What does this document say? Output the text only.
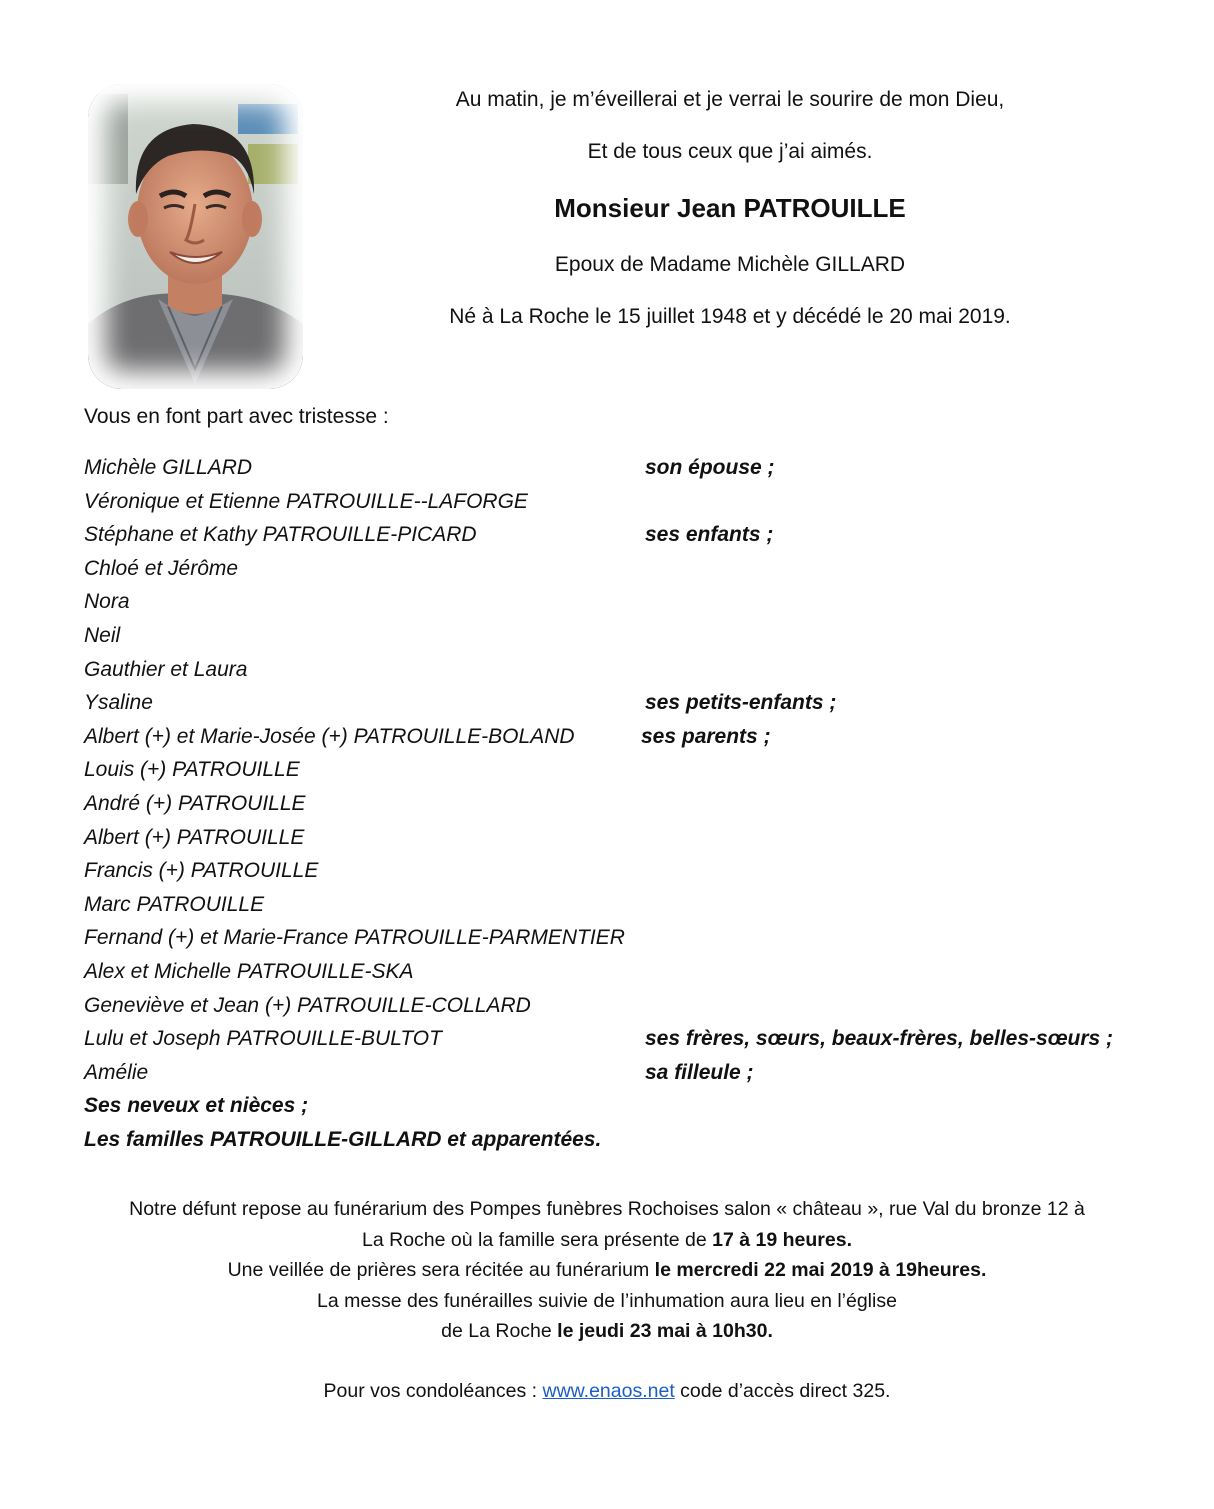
Au matin, je m’éveillerai et je verrai le sourire de mon Dieu,
Et de tous ceux que j’ai aimés.
Monsieur Jean PATROUILLE
Epoux de Madame Michèle GILLARD
Né à La Roche le 15 juillet 1948 et y décédé le 20 mai 2019.
Vous en font part avec tristesse :
Michèle GILLARD	son épouse ;
Véronique et Etienne PATROUILLE--LAFORGE
Stéphane et Kathy PATROUILLE-PICARD	ses enfants ;
Chloé et Jérôme
Nora
Neil
Gauthier et Laura
Ysaline	ses petits-enfants ;
Albert (+) et Marie-Josée (+) PATROUILLE-BOLAND	ses parents ;
Louis (+) PATROUILLE
André (+) PATROUILLE
Albert (+) PATROUILLE
Francis (+) PATROUILLE
Marc PATROUILLE
Fernand (+) et Marie-France PATROUILLE-PARMENTIER
Alex et Michelle PATROUILLE-SKA
Geneviève et Jean (+) PATROUILLE-COLLARD
Lulu et Joseph PATROUILLE-BULTOT	ses frères, sœurs, beaux-frères, belles-sœurs ;
Amélie	sa filleule ;
Ses neveux et nièces ;
Les familles PATROUILLE-GILLARD et apparentées.

Notre défunt repose au funérarium des Pompes funèbres Rochoises salon « château », rue Val du bronze 12 à

La Roche où la famille sera présente de 17 à 19 heures.

Une veillée de prières sera récitée au funérarium le mercredi 22 mai 2019 à 19heures.

La messe des funérailles suivie de l’inhumation aura lieu en l’église

de La Roche le jeudi 23 mai à 10h30.

Pour vos condoléances : www.enaos.net code d’accès direct 325.
